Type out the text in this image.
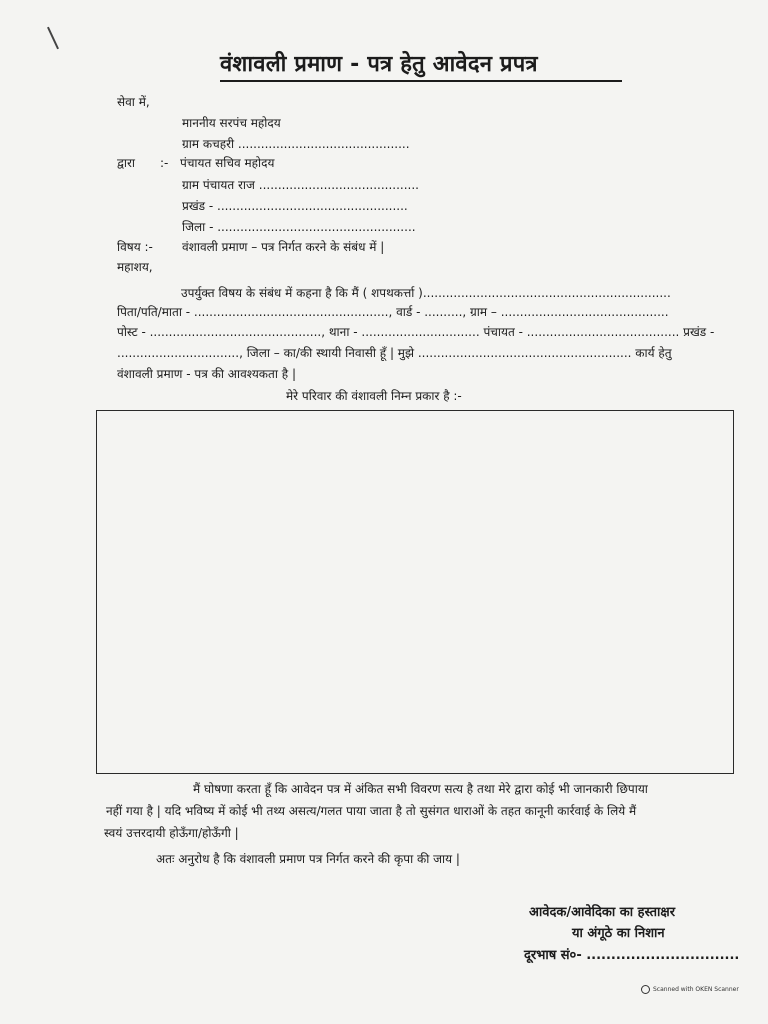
वंशावली प्रमाण - पत्र हेतु आवेदन प्रपत्र
सेवा में,
माननीय सरपंच महोदय
ग्राम कचहरी .............................................
द्वारा :- पंचायत सचिव महोदय
ग्राम पंचायत राज ..........................................
प्रखंड - ..................................................
जिला - ....................................................
विषय :- वंशावली प्रमाण – पत्र निर्गत करने के संबंध में |
महाशय,
उपर्युक्त विषय के संबंध में कहना है कि मैं ( शपथकर्त्ता ).................................................................
पिता/पति/माता - ..................................................., वार्ड - .........., ग्राम – ............................................
पोस्ट - ............................................., थाना - ............................... पंचायत - ........................................ प्रखंड -
................................, जिला – का/की स्थायी निवासी हूँ | मुझे ........................................................ कार्य हेतु
वंशावली प्रमाण - पत्र की आवश्यकता है |
मेरे परिवार की वंशावली निम्न प्रकार है :-
मैं घोषणा करता हूँ कि आवेदन पत्र में अंकित सभी विवरण सत्य है तथा मेरे द्वारा कोई भी जानकारी छिपाया
नहीं गया है | यदि भविष्य में कोई भी तथ्य असत्य/गलत पाया जाता है तो सुसंगत धाराओं के तहत कानूनी कार्रवाई के लिये मैं
स्वयं उत्तरदायी होऊँगा/होऊँगी |
अतः अनुरोध है कि वंशावली प्रमाण पत्र निर्गत करने की कृपा की जाय |
आवेदक/आवेदिका का हस्ताक्षर
या अंगूठे का निशान
दूरभाष सं०- ...............................
Scanned with OKEN Scanner
